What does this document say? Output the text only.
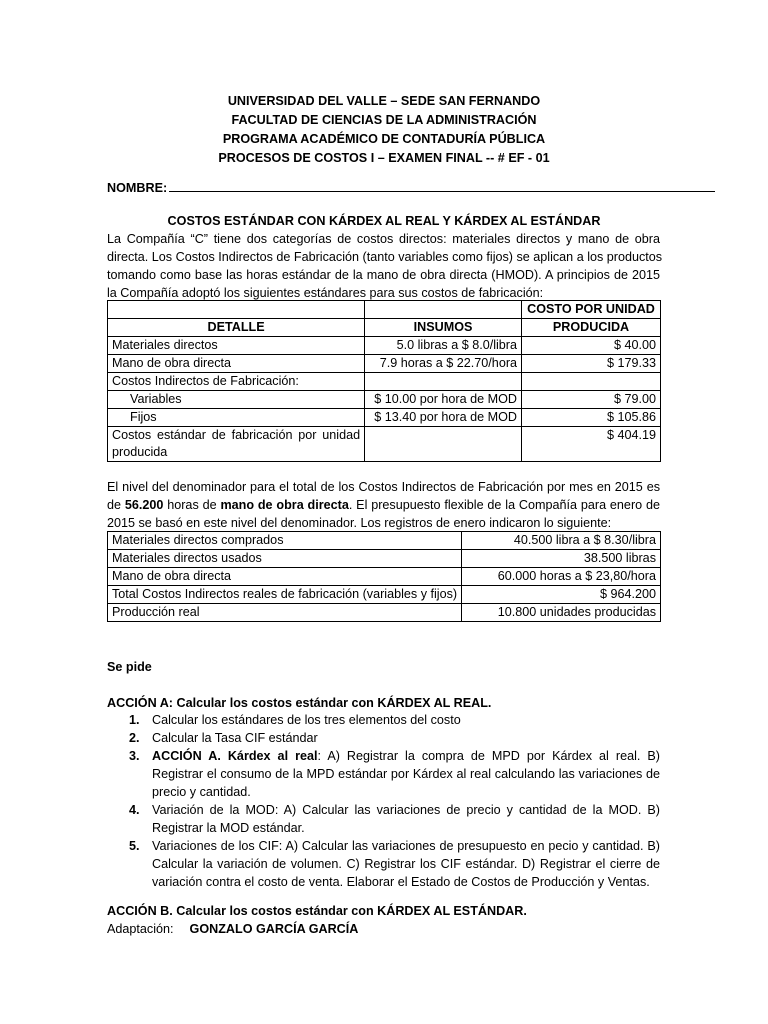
UNIVERSIDAD DEL VALLE – SEDE SAN FERNANDO
FACULTAD DE CIENCIAS DE LA ADMINISTRACIÓN
PROGRAMA ACADÉMICO DE CONTADURÍA PÚBLICA
PROCESOS DE COSTOS I – EXAMEN FINAL -- # EF - 01
NOMBRE:
COSTOS ESTÁNDAR CON KÁRDEX AL REAL Y KÁRDEX AL ESTÁNDAR
La Compañía “C” tiene dos categorías de costos directos: materiales directos y mano de obra
directa. Los Costos Indirectos de Fabricación (tanto variables como fijos) se aplican a los productos
tomando como base las horas estándar de la mano de obra directa (HMOD). A principios de 2015
la Compañía adoptó los siguientes estándares para sus costos de fabricación:
		COSTO POR UNIDAD
DETALLE	INSUMOS	PRODUCIDA
Materiales directos	5.0 libras a $ 8.0/libra	$ 40.00
Mano de obra directa	7.9 horas a $ 22.70/hora	$ 179.33
Costos Indirectos de Fabricación:		
Variables	$ 10.00 por hora de MOD	$ 79.00
Fijos	$ 13.40 por hora de MOD	$ 105.86
Costos estándar de fabricación por unidad producida		$ 404.19
El nivel del denominador para el total de los Costos Indirectos de Fabricación por mes en 2015 es
de 56.200 horas de mano de obra directa. El presupuesto flexible de la Compañía para enero de
2015 se basó en este nivel del denominador. Los registros de enero indicaron lo siguiente:
Materiales directos comprados	40.500 libra a $ 8.30/libra
Materiales directos usados	38.500 libras
Mano de obra directa	60.000 horas a $ 23,80/hora
Total Costos Indirectos reales de fabricación (variables y fijos)	$ 964.200
Producción real	10.800 unidades producidas
Se pide
ACCIÓN A: Calcular los costos estándar con KÁRDEX AL REAL.
1. Calcular los estándares de los tres elementos del costo
2. Calcular la Tasa CIF estándar
3. ACCIÓN A. Kárdex al real: A) Registrar la compra de MPD por Kárdex al real. B) Registrar el consumo de la MPD estándar por Kárdex al real calculando las variaciones de precio y cantidad.
4. Variación de la MOD: A) Calcular las variaciones de precio y cantidad de la MOD. B) Registrar la MOD estándar.
5. Variaciones de los CIF: A) Calcular las variaciones de presupuesto en pecio y cantidad. B) Calcular la variación de volumen. C) Registrar los CIF estándar. D) Registrar el cierre de variación contra el costo de venta. Elaborar el Estado de Costos de Producción y Ventas.
ACCIÓN B. Calcular los costos estándar con KÁRDEX AL ESTÁNDAR.
Adaptación: GONZALO GARCÍA GARCÍA
